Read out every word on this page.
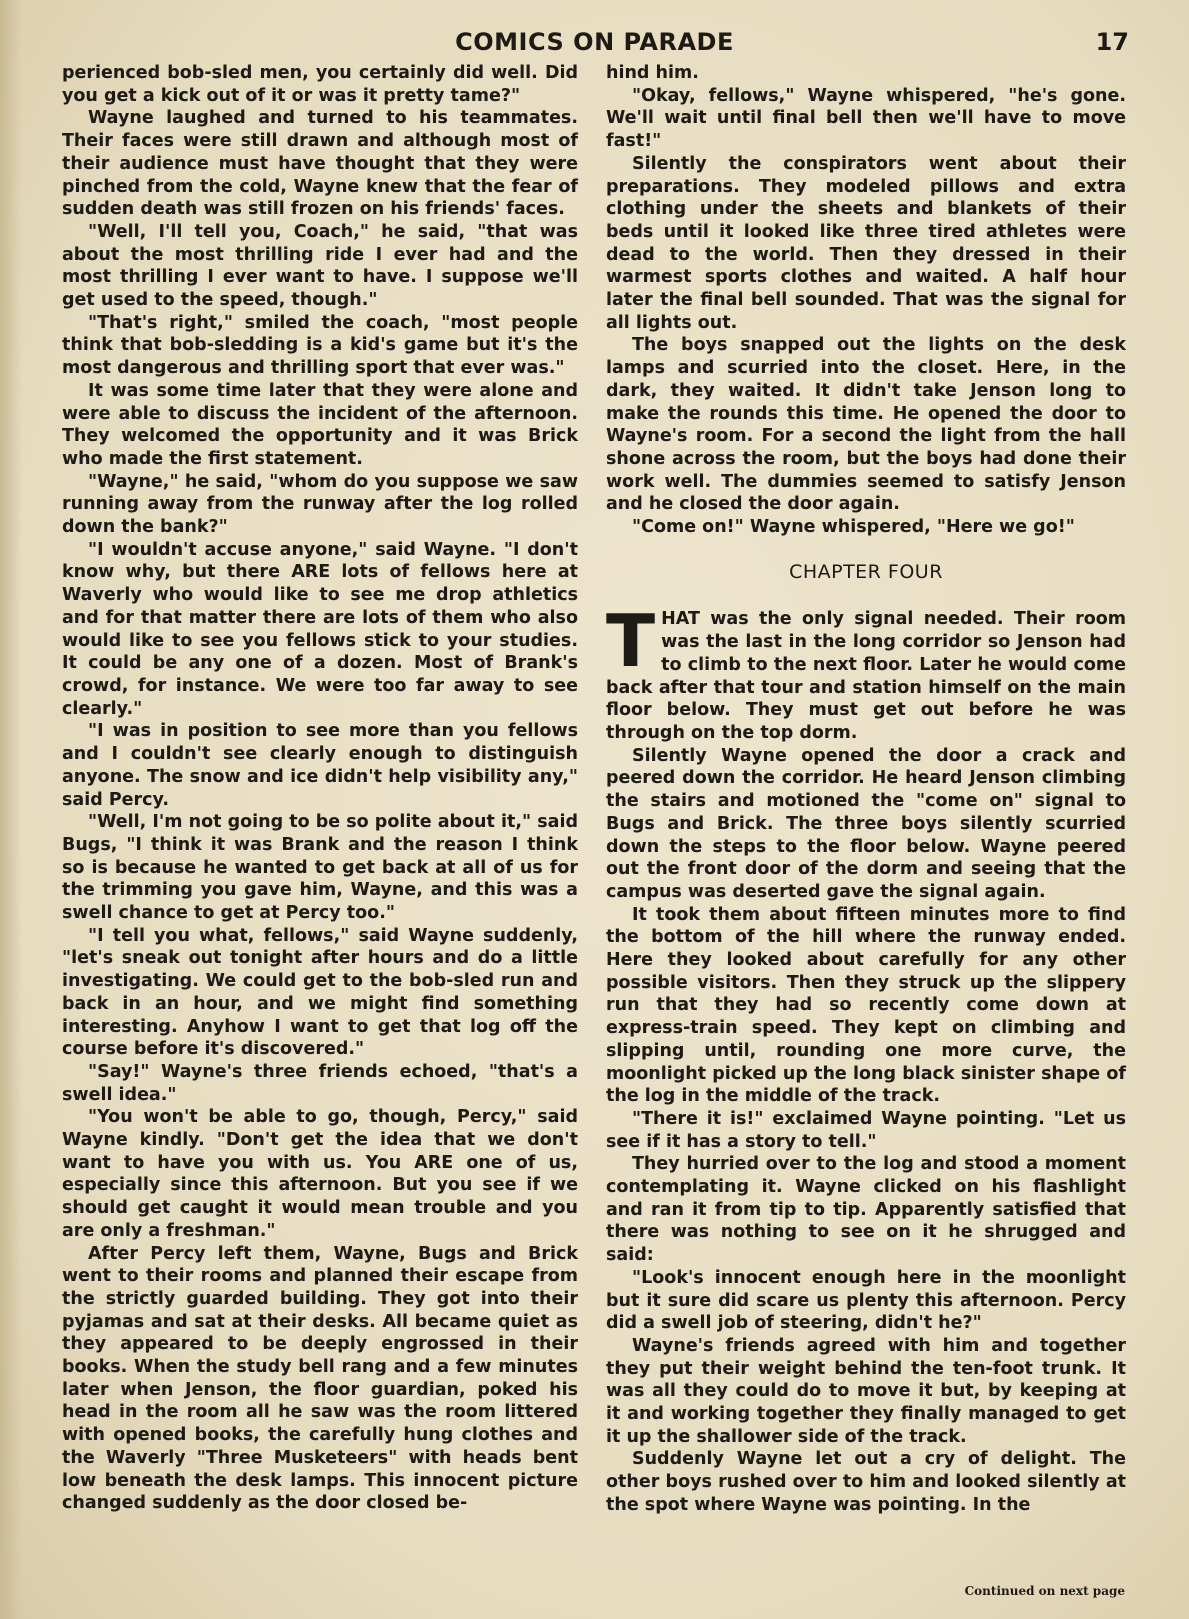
COMICS ON PARADE	17

perienced bob-sled men, you certainly did well. Did you get a kick out of it or was it pretty tame?"

Wayne laughed and turned to his teammates. Their faces were still drawn and although most of their audience must have thought that they were pinched from the cold, Wayne knew that the fear of sudden death was still frozen on his friends' faces.

"Well, I'll tell you, Coach," he said, "that was about the most thrilling ride I ever had and the most thrilling I ever want to have. I suppose we'll get used to the speed, though."

"That's right," smiled the coach, "most people think that bob-sledding is a kid's game but it's the most dangerous and thrilling sport that ever was."

It was some time later that they were alone and were able to discuss the incident of the afternoon. They welcomed the opportunity and it was Brick who made the first statement.

"Wayne," he said, "whom do you suppose we saw running away from the runway after the log rolled down the bank?"

"I wouldn't accuse anyone," said Wayne. "I don't know why, but there ARE lots of fellows here at Waverly who would like to see me drop athletics and for that matter there are lots of them who also would like to see you fellows stick to your studies. It could be any one of a dozen. Most of Brank's crowd, for instance. We were too far away to see clearly."

"I was in position to see more than you fellows and I couldn't see clearly enough to distinguish anyone. The snow and ice didn't help visibility any," said Percy.

"Well, I'm not going to be so polite about it," said Bugs, "I think it was Brank and the reason I think so is because he wanted to get back at all of us for the trimming you gave him, Wayne, and this was a swell chance to get at Percy too."

"I tell you what, fellows," said Wayne suddenly, "let's sneak out tonight after hours and do a little investigating. We could get to the bob-sled run and back in an hour, and we might find something interesting. Anyhow I want to get that log off the course before it's discovered."

"Say!" Wayne's three friends echoed, "that's a swell idea."

"You won't be able to go, though, Percy," said Wayne kindly. "Don't get the idea that we don't want to have you with us. You ARE one of us, especially since this afternoon. But you see if we should get caught it would mean trouble and you are only a freshman."

After Percy left them, Wayne, Bugs and Brick went to their rooms and planned their escape from the strictly guarded building. They got into their pyjamas and sat at their desks. All became quiet as they appeared to be deeply engrossed in their books. When the study bell rang and a few minutes later when Jenson, the floor guardian, poked his head in the room all he saw was the room littered with opened books, the carefully hung clothes and the Waverly "Three Musketeers" with heads bent low beneath the desk lamps. This innocent picture changed suddenly as the door closed be-

hind him.

"Okay, fellows," Wayne whispered, "he's gone. We'll wait until final bell then we'll have to move fast!"

Silently the conspirators went about their preparations. They modeled pillows and extra clothing under the sheets and blankets of their beds until it looked like three tired athletes were dead to the world. Then they dressed in their warmest sports clothes and waited. A half hour later the final bell sounded. That was the signal for all lights out.

The boys snapped out the lights on the desk lamps and scurried into the closet. Here, in the dark, they waited. It didn't take Jenson long to make the rounds this time. He opened the door to Wayne's room. For a second the light from the hall shone across the room, but the boys had done their work well. The dummies seemed to satisfy Jenson and he closed the door again.

"Come on!" Wayne whispered, "Here we go!"

CHAPTER FOUR

T HAT was the only signal needed. Their room was the last in the long corridor so Jenson had to climb to the next floor. Later he would come back after that tour and station himself on the main floor below. They must get out before he was through on the top dorm.

Silently Wayne opened the door a crack and peered down the corridor. He heard Jenson climbing the stairs and motioned the "come on" signal to Bugs and Brick. The three boys silently scurried down the steps to the floor below. Wayne peered out the front door of the dorm and seeing that the campus was deserted gave the signal again.

It took them about fifteen minutes more to find the bottom of the hill where the runway ended. Here they looked about carefully for any other possible visitors. Then they struck up the slippery run that they had so recently come down at express-train speed. They kept on climbing and slipping until, rounding one more curve, the moonlight picked up the long black sinister shape of the log in the middle of the track.

"There it is!" exclaimed Wayne pointing. "Let us see if it has a story to tell."

They hurried over to the log and stood a moment contemplating it. Wayne clicked on his flashlight and ran it from tip to tip. Apparently satisfied that there was nothing to see on it he shrugged and said:

"Look's innocent enough here in the moonlight but it sure did scare us plenty this afternoon. Percy did a swell job of steering, didn't he?"

Wayne's friends agreed with him and together they put their weight behind the ten-foot trunk. It was all they could do to move it but, by keeping at it and working together they finally managed to get it up the shallower side of the track.

Suddenly Wayne let out a cry of delight. The other boys rushed over to him and looked silently at the spot where Wayne was pointing. In the

Continued on next page
